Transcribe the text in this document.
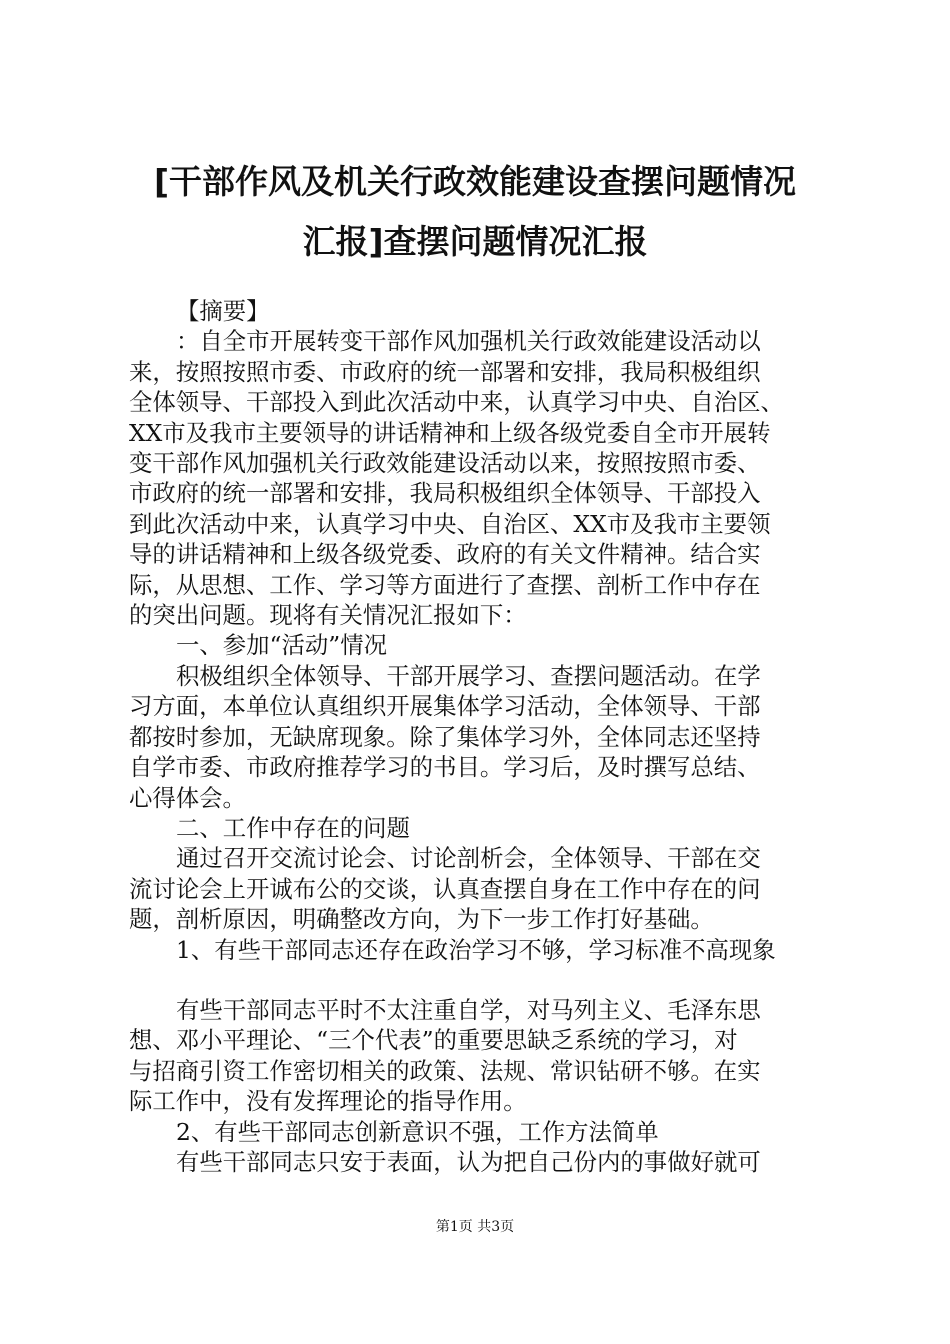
[干部作风及机关行政效能建设查摆问题情况
汇报]查摆问题情况汇报

【摘要】

：自全市开展转变干部作风加强机关行政效能建设活动以

来，按照按照市委、市政府的统一部署和安排，我局积极组织

全体领导、干部投入到此次活动中来，认真学习中央、自治区、

XX市及我市主要领导的讲话精神和上级各级党委自全市开展转

变干部作风加强机关行政效能建设活动以来，按照按照市委、

市政府的统一部署和安排，我局积极组织全体领导、干部投入

到此次活动中来，认真学习中央、自治区、XX市及我市主要领

导的讲话精神和上级各级党委、政府的有关文件精神。结合实

际，从思想、工作、学习等方面进行了查摆、剖析工作中存在

的突出问题。现将有关情况汇报如下：

一、参加“活动”情况

积极组织全体领导、干部开展学习、查摆问题活动。在学

习方面，本单位认真组织开展集体学习活动，全体领导、干部

都按时参加，无缺席现象。除了集体学习外，全体同志还坚持

自学市委、市政府推荐学习的书目。学习后，及时撰写总结、

心得体会。

二、工作中存在的问题

通过召开交流讨论会、讨论剖析会，全体领导、干部在交

流讨论会上开诚布公的交谈，认真查摆自身在工作中存在的问

题，剖析原因，明确整改方向，为下一步工作打好基础。

1、有些干部同志还存在政治学习不够，学习标准不高现象

有些干部同志平时不太注重自学，对马列主义、毛泽东思

想、邓小平理论、“三个代表”的重要思缺乏系统的学习，对

与招商引资工作密切相关的政策、法规、常识钻研不够。在实

际工作中，没有发挥理论的指导作用。

2、有些干部同志创新意识不强，工作方法简单

有些干部同志只安于表面，认为把自己份内的事做好就可

第1页 共3页
